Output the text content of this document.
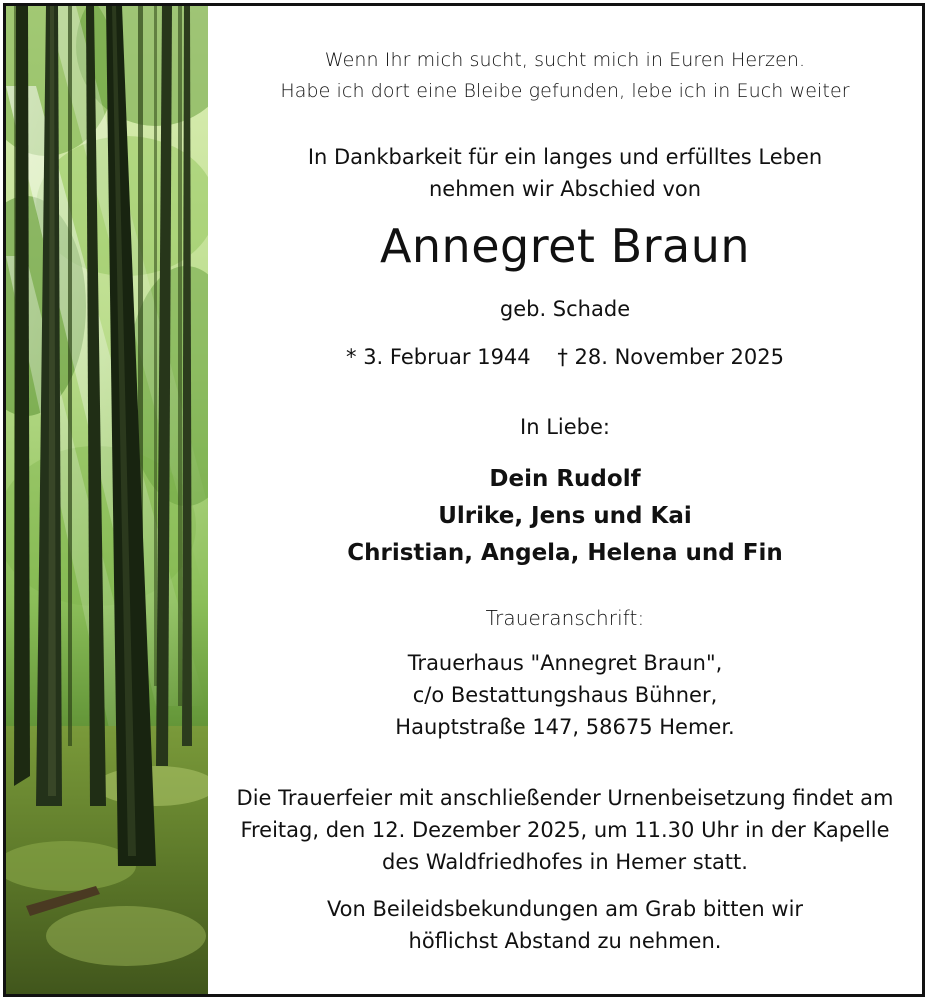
Wenn Ihr mich sucht, sucht mich in Euren Herzen.
Habe ich dort eine Bleibe gefunden, lebe ich in Euch weiter
In Dankbarkeit für ein langes und erfülltes Leben
nehmen wir Abschied von
Annegret Braun
geb. Schade
* 3. Februar 1944    † 28. November 2025
In Liebe:
Dein Rudolf
Ulrike, Jens und Kai
Christian, Angela, Helena und Fin
Traueranschrift:
Trauerhaus "Annegret Braun",
c/o Bestattungshaus Bühner,
Hauptstraße 147, 58675 Hemer.
Die Trauerfeier mit anschließender Urnenbeisetzung findet am
Freitag, den 12. Dezember 2025, um 11.30 Uhr in der Kapelle
des Waldfriedhofes in Hemer statt.
Von Beileidsbekundungen am Grab bitten wir
höflichst Abstand zu nehmen.
